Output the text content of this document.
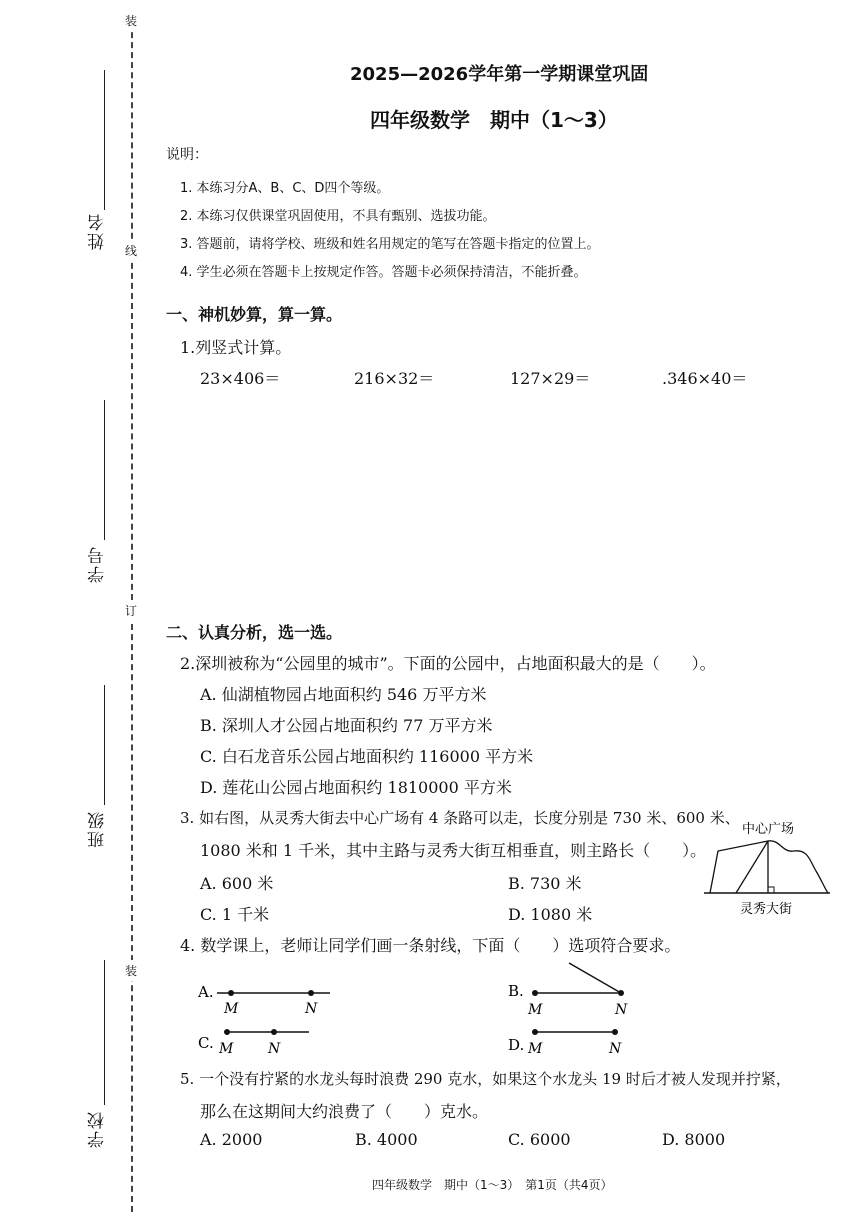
装
线
订
装
姓名
学号
班级
学校
2025—2026学年第一学期课堂巩固
四年级数学　期中（1～3）
说明：
1. 本练习分A、B、C、D四个等级。
2. 本练习仅供课堂巩固使用，不具有甄别、选拔功能。
3. 答题前，请将学校、班级和姓名用规定的笔写在答题卡指定的位置上。
4. 学生必须在答题卡上按规定作答。答题卡必须保持清洁，不能折叠。
一、神机妙算，算一算。
1.列竖式计算。
23×406＝	216×32＝	127×29＝	.346×40＝
二、认真分析，选一选。
2.深圳被称为“公园里的城市”。下面的公园中，占地面积最大的是（　　）。
A. 仙湖植物园占地面积约 546 万平方米
B. 深圳人才公园占地面积约 77 万平方米
C. 白石龙音乐公园占地面积约 116000 平方米
D. 莲花山公园占地面积约 1810000 平方米
3. 如右图，从灵秀大街去中心广场有 4 条路可以走，长度分别是 730 米、600 米、
1080 米和 1 千米，其中主路与灵秀大街互相垂直，则主路长（　　）。
A. 600 米	B. 730 米
C. 1 千米	D. 1080 米
中心广场
灵秀大街
4. 数学课上，老师让同学们画一条射线，下面（　　）选项符合要求。
A.
M	N
B.
M	N
C. M N	D. M	N
5. 一个没有拧紧的水龙头每时浪费 290 克水，如果这个水龙头 19 时后才被人发现并拧紧，
那么在这期间大约浪费了（　　）克水。
A. 2000	B. 4000	C. 6000	D. 8000
四年级数学　期中（1～3）　第1页（共4页）
